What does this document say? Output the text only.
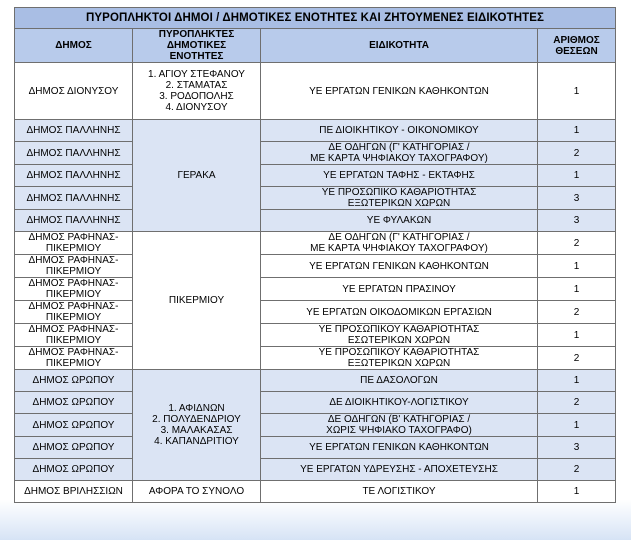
ΠΥΡΟΠΛΗΚΤΟΙ ΔΗΜΟΙ / ΔΗΜΟΤΙΚΕΣ ΕΝΟΤΗΤΕΣ ΚΑΙ ΖΗΤΟΥΜΕΝΕΣ ΕΙΔΙΚΟΤΗΤΕΣ			
ΔΗΜΟΣ	ΠΥΡΟΠΛΗΚΤΕΣ
ΔΗΜΟΤΙΚΕΣ
ΕΝΟΤΗΤΕΣ	ΕΙΔΙΚΟΤΗΤΑ	ΑΡΙΘΜΟΣ
ΘΕΣΕΩΝ

ΔΗΜΟΣ ΔΙΟΝΥΣΟΥ	1. ΑΓΙΟΥ ΣΤΕΦΑΝΟΥ
2. ΣΤΑΜΑΤΑΣ
3. ΡΟΔΟΠΟΛΗΣ
4. ΔΙΟΝΥΣΟΥ	ΥΕ ΕΡΓΑΤΩΝ ΓΕΝΙΚΩΝ ΚΑΘΗΚΟΝΤΩΝ	1

ΔΗΜΟΣ ΠΑΛΛΗΝΗΣ	ΓΕΡΑΚΑ	ΠΕ ΔΙΟΙΚΗΤΙΚΟΥ - ΟΙΚΟΝΟΜΙΚΟΥ	1

ΔΗΜΟΣ ΠΑΛΛΗΝΗΣ		ΔΕ ΟΔΗΓΩΝ (Γ' ΚΑΤΗΓΟΡΙΑΣ /
ΜΕ ΚΑΡΤΑ ΨΗΦΙΑΚΟΥ ΤΑΧΟΓΡΑΦΟΥ)	2

ΔΗΜΟΣ ΠΑΛΛΗΝΗΣ		ΥΕ ΕΡΓΑΤΩΝ ΤΑΦΗΣ - ΕΚΤΑΦΗΣ	1

ΔΗΜΟΣ ΠΑΛΛΗΝΗΣ		ΥΕ ΠΡΟΣΩΠΙΚΟ ΚΑΘΑΡΙΟΤΗΤΑΣ
ΕΞΩΤΕΡΙΚΩΝ ΧΩΡΩΝ	3

ΔΗΜΟΣ ΠΑΛΛΗΝΗΣ		ΥΕ ΦΥΛΑΚΩΝ	3

ΔΗΜΟΣ ΡΑΦΗΝΑΣ-
ΠΙΚΕΡΜΙΟΥ	ΠΙΚΕΡΜΙΟΥ	ΔΕ ΟΔΗΓΩΝ (Γ' ΚΑΤΗΓΟΡΙΑΣ /
ΜΕ ΚΑΡΤΑ ΨΗΦΙΑΚΟΥ ΤΑΧΟΓΡΑΦΟΥ)	2

ΔΗΜΟΣ ΡΑΦΗΝΑΣ-
ΠΙΚΕΡΜΙΟΥ		ΥΕ ΕΡΓΑΤΩΝ ΓΕΝΙΚΩΝ ΚΑΘΗΚΟΝΤΩΝ	1

ΔΗΜΟΣ ΡΑΦΗΝΑΣ-
ΠΙΚΕΡΜΙΟΥ		ΥΕ ΕΡΓΑΤΩΝ ΠΡΑΣΙΝΟΥ	1

ΔΗΜΟΣ ΡΑΦΗΝΑΣ-
ΠΙΚΕΡΜΙΟΥ		ΥΕ ΕΡΓΑΤΩΝ ΟΙΚΟΔΟΜΙΚΩΝ ΕΡΓΑΣΙΩΝ	2

ΔΗΜΟΣ ΡΑΦΗΝΑΣ-
ΠΙΚΕΡΜΙΟΥ		ΥΕ ΠΡΟΣΩΠΙΚΟΥ ΚΑΘΑΡΙΟΤΗΤΑΣ
ΕΣΩΤΕΡΙΚΩΝ ΧΩΡΩΝ	1

ΔΗΜΟΣ ΡΑΦΗΝΑΣ-
ΠΙΚΕΡΜΙΟΥ		ΥΕ ΠΡΟΣΩΠΙΚΟΥ ΚΑΘΑΡΙΟΤΗΤΑΣ
ΕΞΩΤΕΡΙΚΩΝ ΧΩΡΩΝ	2

ΔΗΜΟΣ ΩΡΩΠΟΥ	1. ΑΦΙΔΝΩΝ
2. ΠΟΛΥΔΕΝΔΡΙΟΥ
3. ΜΑΛΑΚΑΣΑΣ
4. ΚΑΠΑΝΔΡΙΤΙΟΥ	ΠΕ ΔΑΣΟΛΟΓΩΝ	1

ΔΗΜΟΣ ΩΡΩΠΟΥ		ΔΕ ΔΙΟΙΚΗΤΙΚΟΥ-ΛΟΓΙΣΤΙΚΟΥ	2

ΔΗΜΟΣ ΩΡΩΠΟΥ		ΔΕ ΟΔΗΓΩΝ (Β' ΚΑΤΗΓΟΡΙΑΣ /
ΧΩΡΙΣ ΨΗΦΙΑΚΟ ΤΑΧΟΓΡΑΦΟ)	1

ΔΗΜΟΣ ΩΡΩΠΟΥ		ΥΕ ΕΡΓΑΤΩΝ ΓΕΝΙΚΩΝ ΚΑΘΗΚΟΝΤΩΝ	3

ΔΗΜΟΣ ΩΡΩΠΟΥ		ΥΕ ΕΡΓΑΤΩΝ ΥΔΡΕΥΣΗΣ - ΑΠΟΧΕΤΕΥΣΗΣ	2

ΔΗΜΟΣ ΒΡΙΛΗΣΣΙΩΝ	ΑΦΟΡΑ ΤΟ ΣΥΝΟΛΟ	ΤΕ ΛΟΓΙΣΤΙΚΟΥ	1
